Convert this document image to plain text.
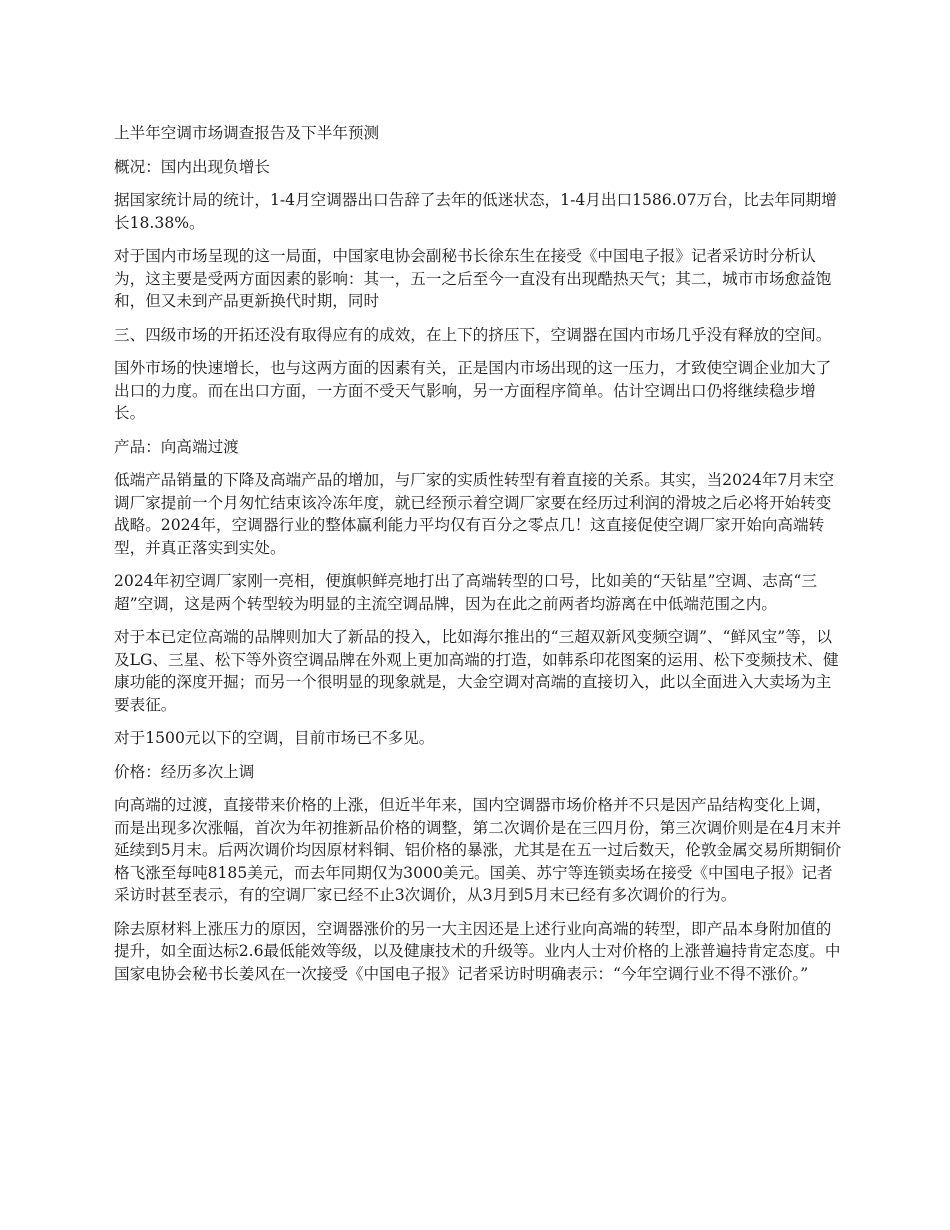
上半年空调市场调查报告及下半年预测

概况：国内出现负增长

据国家统计局的统计，1-4月空调器出口告辞了去年的低迷状态，1-4月出口1586.07万台，比去年同期增长18.38%。

对于国内市场呈现的这一局面，中国家电协会副秘书长徐东生在接受《中国电子报》记者采访时分析认为，这主要是受两方面因素的影响：其一，五一之后至今一直没有出现酷热天气；其二，城市市场愈益饱和，但又未到产品更新换代时期，同时

三、四级市场的开拓还没有取得应有的成效，在上下的挤压下，空调器在国内市场几乎没有释放的空间。

国外市场的快速增长，也与这两方面的因素有关，正是国内市场出现的这一压力，才致使空调企业加大了出口的力度。而在出口方面，一方面不受天气影响，另一方面程序简单。估计空调出口仍将继续稳步增长。

产品：向高端过渡

低端产品销量的下降及高端产品的增加，与厂家的实质性转型有着直接的关系。其实，当2024年7月末空调厂家提前一个月匆忙结束该冷冻年度，就已经预示着空调厂家要在经历过利润的滑坡之后必将开始转变战略。2024年，空调器行业的整体赢利能力平均仅有百分之零点几！这直接促使空调厂家开始向高端转型，并真正落实到实处。

2024年初空调厂家刚一亮相，便旗帜鲜亮地打出了高端转型的口号，比如美的“天钻星”空调、志高“三超”空调，这是两个转型较为明显的主流空调品牌，因为在此之前两者均游离在中低端范围之内。

对于本已定位高端的品牌则加大了新品的投入，比如海尔推出的“三超双新风变频空调”、“鲜风宝”等，以及LG、三星、松下等外资空调品牌在外观上更加高端的打造，如韩系印花图案的运用、松下变频技术、健康功能的深度开掘；而另一个很明显的现象就是，大金空调对高端的直接切入，此以全面进入大卖场为主要表征。

对于1500元以下的空调，目前市场已不多见。

价格：经历多次上调

向高端的过渡，直接带来价格的上涨，但近半年来，国内空调器市场价格并不只是因产品结构变化上调，而是出现多次涨幅，首次为年初推新品价格的调整，第二次调价是在三四月份，第三次调价则是在4月末并延续到5月末。后两次调价均因原材料铜、铝价格的暴涨，尤其是在五一过后数天，伦敦金属交易所期铜价格飞涨至每吨8185美元，而去年同期仅为3000美元。国美、苏宁等连锁卖场在接受《中国电子报》记者采访时甚至表示，有的空调厂家已经不止3次调价，从3月到5月末已经有多次调价的行为。

除去原材料上涨压力的原因，空调器涨价的另一大主因还是上述行业向高端的转型，即产品本身附加值的提升，如全面达标2.6最低能效等级，以及健康技术的升级等。业内人士对价格的上涨普遍持肯定态度。中国家电协会秘书长姜风在一次接受《中国电子报》记者采访时明确表示：“今年空调行业不得不涨价。”
